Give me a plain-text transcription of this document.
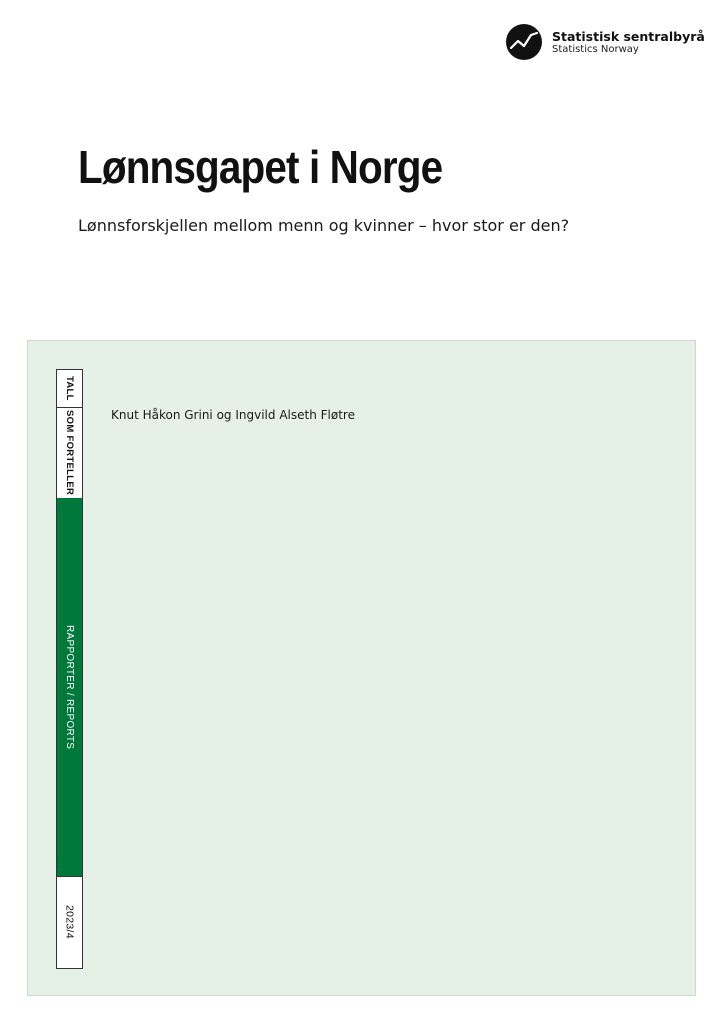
Statistisk sentralbyrå
Statistics Norway
Lønnsgapet i Norge

Lønnsforskjellen mellom menn og kvinner – hvor stor er den?

TALL
SOM FORTELLER
RAPPORTER / REPORTS
2023/4
Knut Håkon Grini og Ingvild Alseth Fløtre
